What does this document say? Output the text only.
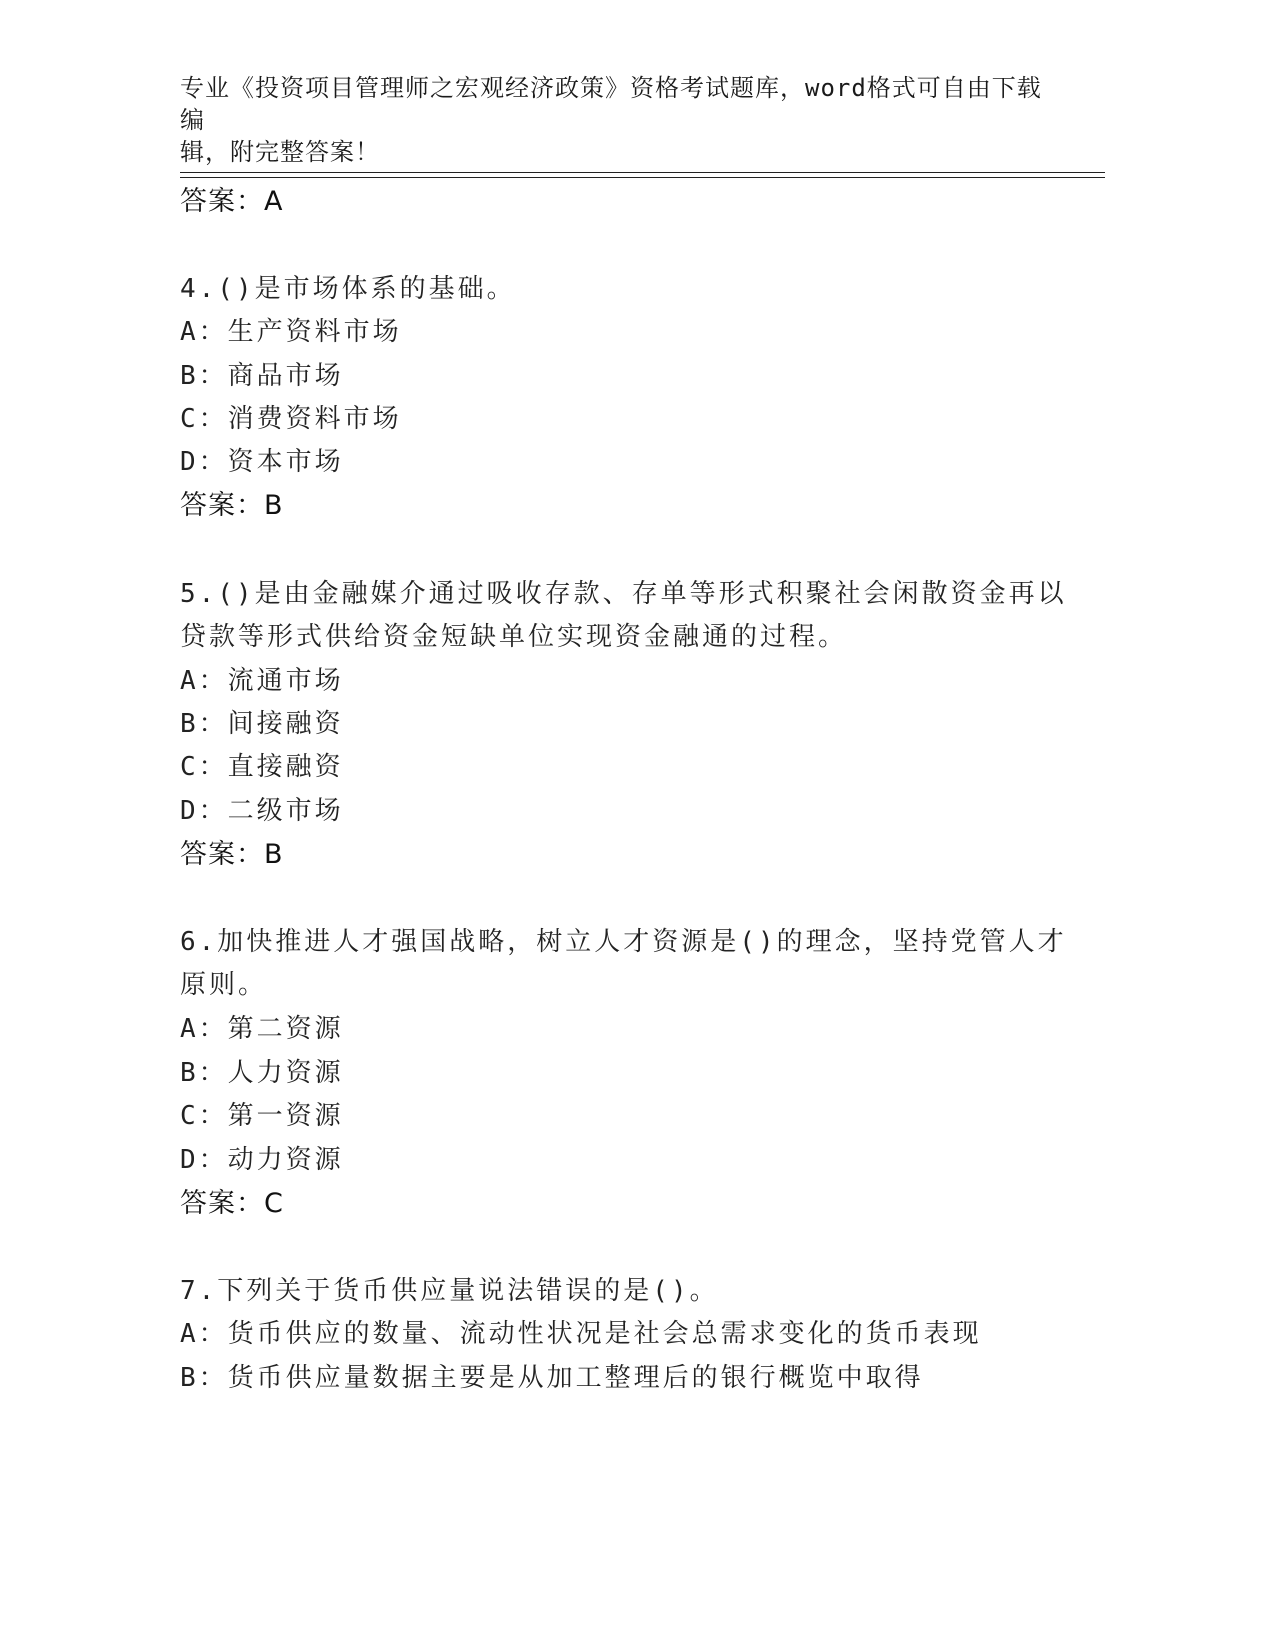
专业《投资项目管理师之宏观经济政策》资格考试题库，word格式可自由下载编
辑，附完整答案！
答案：A
4.()是市场体系的基础。
A：生产资料市场
B：商品市场
C：消费资料市场
D：资本市场
答案：B
5.()是由金融媒介通过吸收存款、存单等形式积聚社会闲散资金再以
贷款等形式供给资金短缺单位实现资金融通的过程。
A：流通市场
B：间接融资
C：直接融资
D：二级市场
答案：B
6.加快推进人才强国战略，树立人才资源是()的理念，坚持党管人才
原则。
A：第二资源
B：人力资源
C：第一资源
D：动力资源
答案：C
7.下列关于货币供应量说法错误的是()。
A：货币供应的数量、流动性状况是社会总需求变化的货币表现
B：货币供应量数据主要是从加工整理后的银行概览中取得
